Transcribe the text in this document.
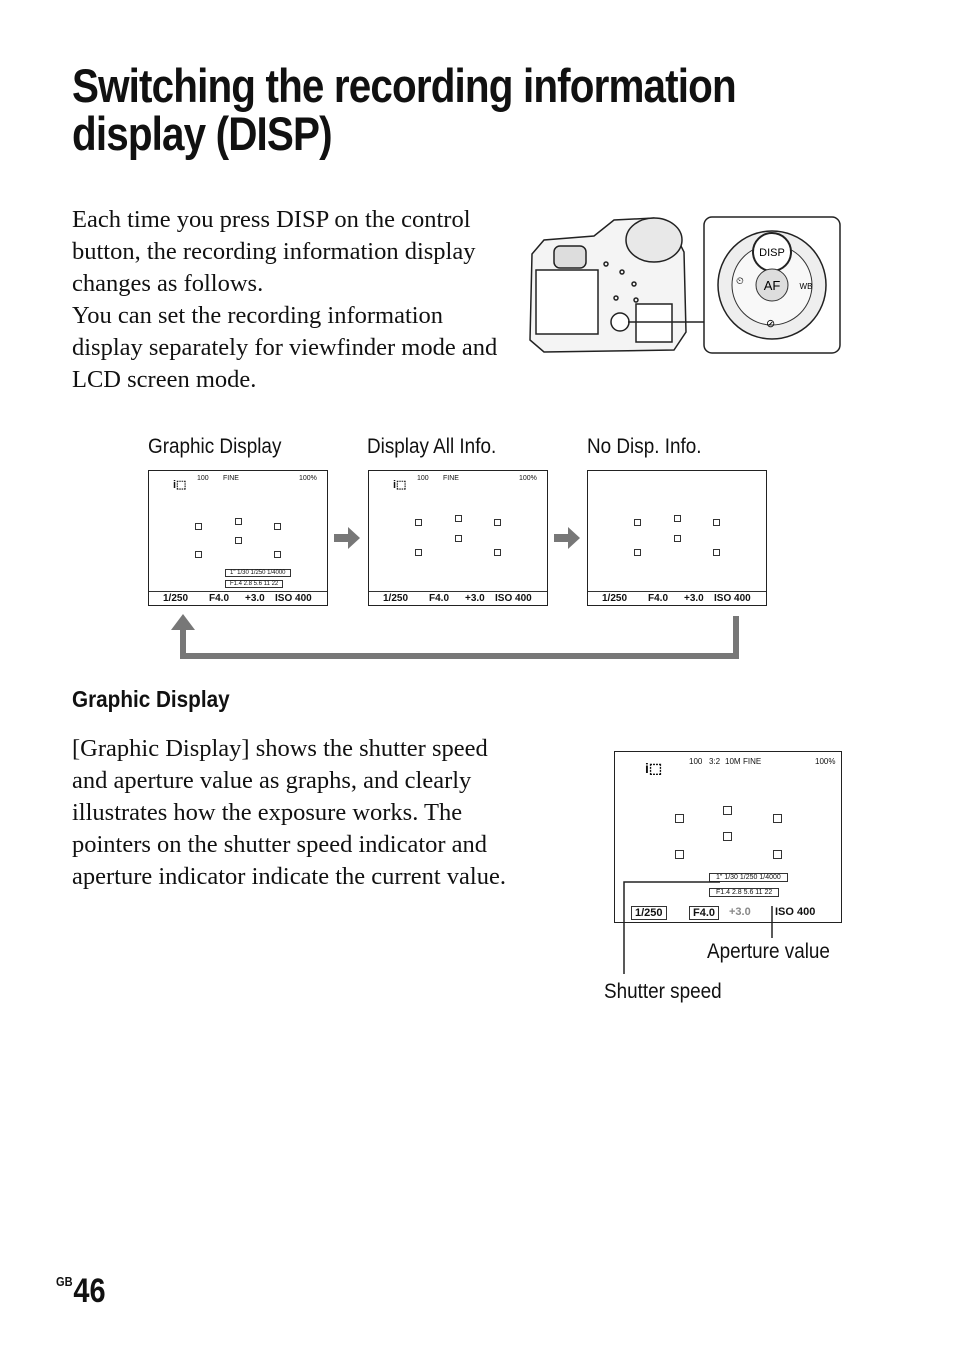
Switching the recording information
display (DISP)

Each time you press DISP on the control button, the recording information display changes as follows.

You can set the recording information display separately for viewfinder mode and LCD screen mode.

DISP
AF WB
⏲
⊘
Graphic Display	Display All Info.	No Disp. Info.
i⬚
100 FINE	100%
1" 1/30 1/250 1/4000
F1.4 2.8 5.6 11 22
1/250 F4.0 +3.0 ISO 400
i⬚
100 FINE	100%
1/250 F4.0 +3.0 ISO 400	1/250 F4.0 +3.0 ISO 400
Graphic Display
[Graphic Display] shows the shutter speed and aperture value as graphs, and clearly illustrates how the exposure works. The pointers on the shutter speed indicator and aperture indicator indicate the current value.
i⬚	100 3:2 10M FINE	100%
1" 1/30 1/250 1/4000
F1.4 2.8 5.6 11 22
1/250	F4.0	+3.0 ISO 400
Aperture value
Shutter speed
$^{GB}$46
